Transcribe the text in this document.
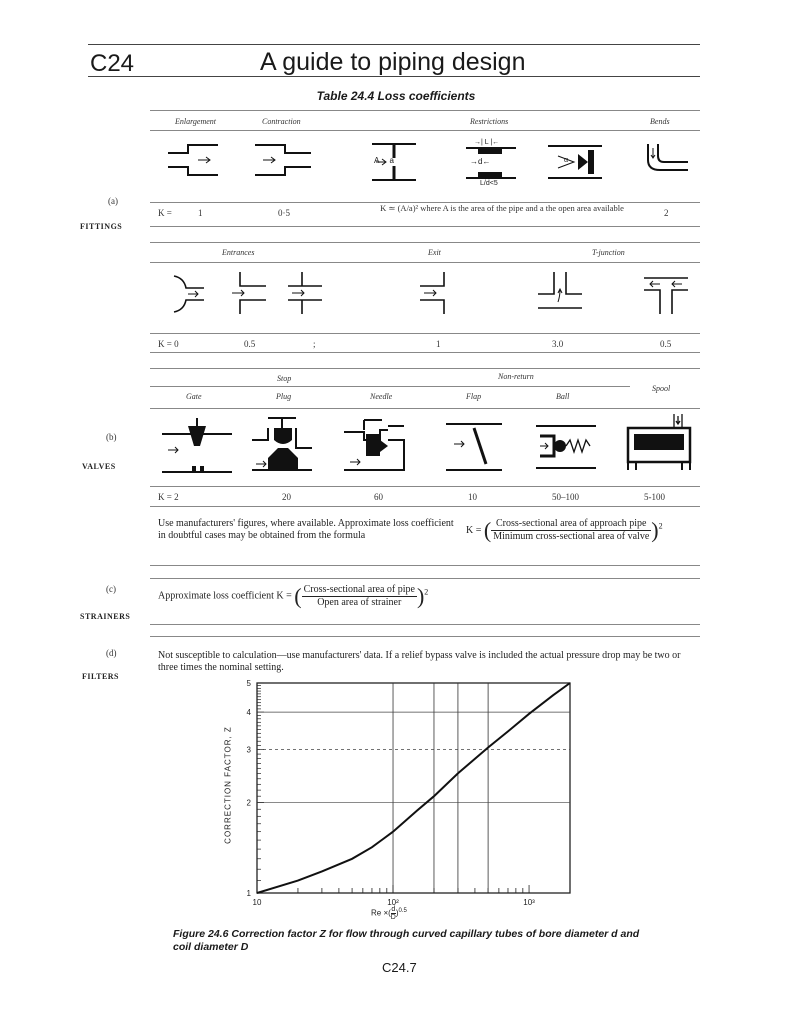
C24	A guide to piping design
Table 24.4 Loss coefficients
Enlargement	Contraction	Restrictions	Bends
A→ a
→| L |←
→d←
L/d<5
α
(a)
K =	1	0·5	K ≃ (A/a)² where A is the area of the pipe and a the open area available	2
FITTINGS
Entrances	Exit	T-junction
K = 0	0.5	;	1	3.0	0.5
Stop	Non-return
Spool
Gate	Plug	Needle	Flap	Ball
(b)
VALVES
K = 2	20	60	10	50–100	5-100
Use manufacturers' figures, where available. Approximate loss coefficient in doubtful cases may be obtained from the formula	K = ( $\frac{\text{Cross-sectional area of approach pipe}}{\text{Minimum cross-sectional area of valve}} )^2$
(c)
Approximate loss coefficient K = ( $\frac{\text{Cross-sectional area of pipe}}{\text{Open area of strainer}} )^2$
STRAINERS
(d)	Not susceptible to calculation—use manufacturers' data. If a relief bypass valve is included the actual pressure drop may be two or three times the nominal setting.
FILTERS
CORRECTION FACTOR, Z
10	10²	10³
1
2
3
4
5
Re ×( $\frac{d}{D} )^{0.5}$
Figure 24.6 Correction factor Z for flow through curved capillary tubes of bore diameter d and coil diameter D
C24.7
